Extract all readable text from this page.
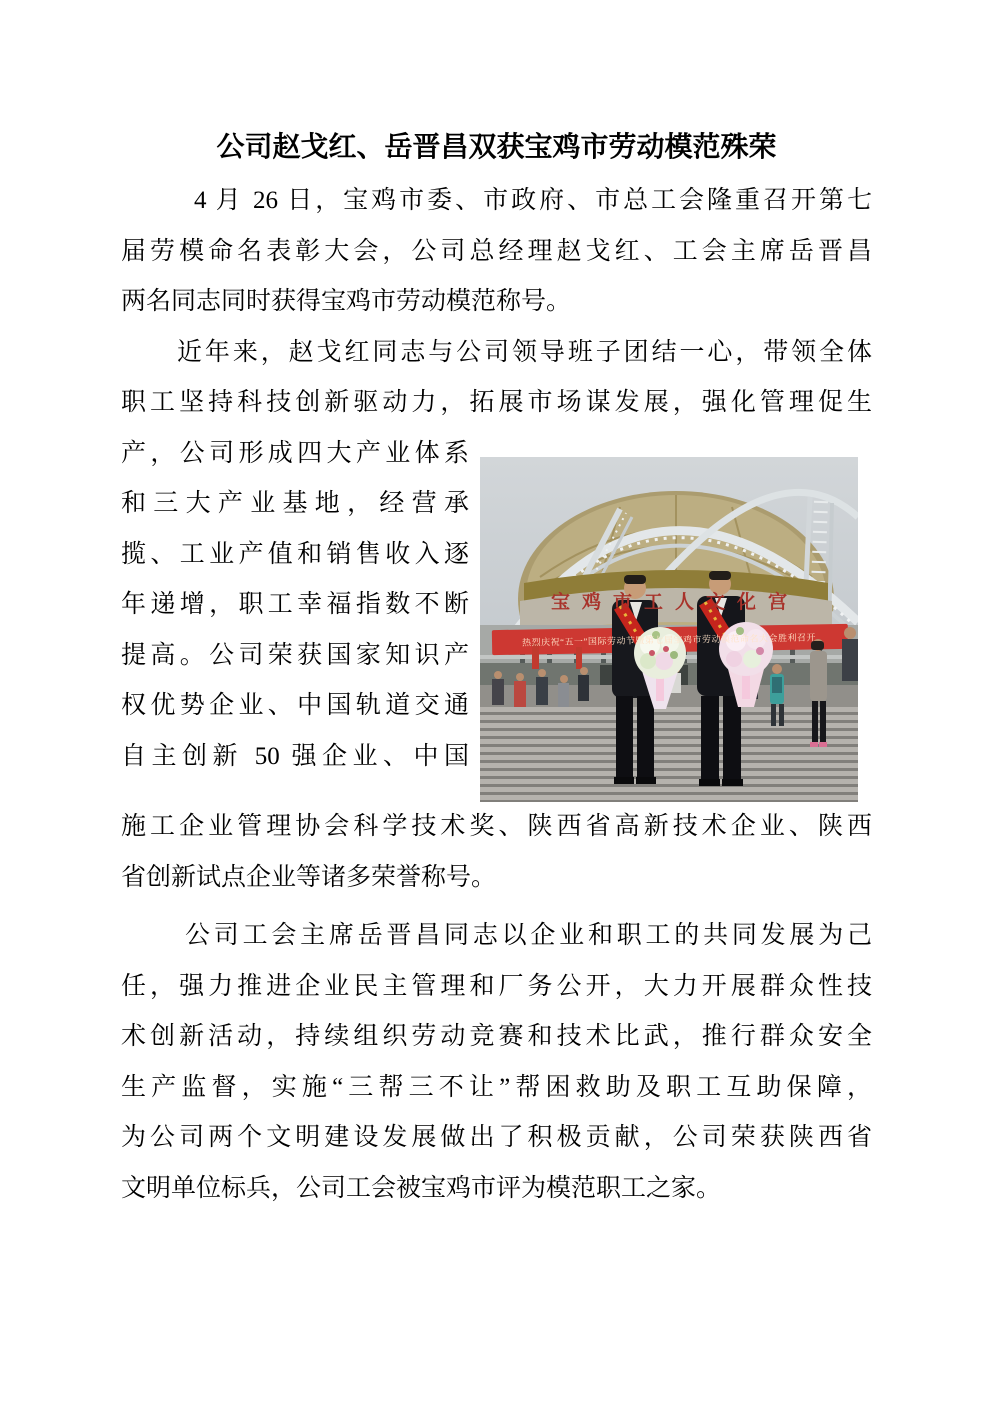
公司赵戈红、岳晋昌双获宝鸡市劳动模范殊荣
4 月 26 日，宝鸡市委、市政府、市总工会隆重召开第七
届劳模命名表彰大会，公司总经理赵戈红、工会主席岳晋昌
两名同志同时获得宝鸡市劳动模范称号。
近年来，赵戈红同志与公司领导班子团结一心，带领全体
职工坚持科技创新驱动力，拓展市场谋发展，强化管理促生
产，公司形成四大产业体系
和三大产业基地，经营承
揽、工业产值和销售收入逐
年递增，职工幸福指数不断
提高。公司荣获国家知识产
权优势企业、中国轨道交通
自主创新 50 强企业、中国
施工企业管理协会科学技术奖、陕西省高新技术企业、陕西
省创新试点企业等诸多荣誉称号。
公司工会主席岳晋昌同志以企业和职工的共同发展为己
任，强力推进企业民主管理和厂务公开，大力开展群众性技
术创新活动，持续组织劳动竞赛和技术比武，推行群众安全
生产监督，实施“三帮三不让”帮困救助及职工互助保障，
为公司两个文明建设发展做出了积极贡献，公司荣获陕西省
文明单位标兵，公司工会被宝鸡市评为模范职工之家。
宝鸡市工人文化宫
热烈庆祝“五一”国际劳动节暨第七届宝鸡市劳动模范命名大会胜利召开
